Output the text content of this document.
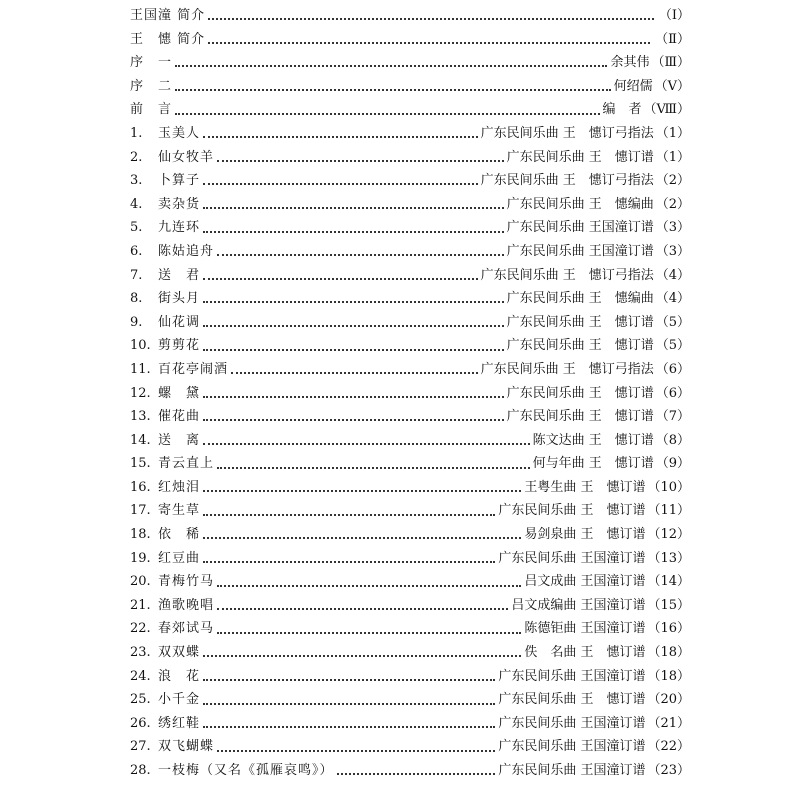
王国潼 简介	（Ⅰ）
王　憓 简介	（Ⅱ）
序　一	余其伟 （Ⅲ）
序　二	何绍儒 （Ⅴ）
前　言	编　者 （Ⅷ）
1.	玉美人	广东民间乐曲 王　憓订弓指法 （1）
2.	仙女牧羊	广东民间乐曲 王　憓订谱 （1）
3.	卜算子	广东民间乐曲 王　憓订弓指法 （2）
4.	卖杂货	广东民间乐曲 王　憓编曲 （2）
5.	九连环	广东民间乐曲 王国潼订谱 （3）
6.	陈姑追舟	广东民间乐曲 王国潼订谱 （3）
7.	送　君	广东民间乐曲 王　憓订弓指法 （4）
8.	街头月	广东民间乐曲 王　憓编曲 （4）
9.	仙花调	广东民间乐曲 王　憓订谱 （5）
10. 剪剪花	广东民间乐曲 王　憓订谱 （5）
11. 百花亭闹酒	广东民间乐曲 王　憓订弓指法 （6）
12. 螺　黛	广东民间乐曲 王　憓订谱 （6）
13. 催花曲	广东民间乐曲 王　憓订谱 （7）
14. 送　离	陈文达曲 王　憓订谱 （8）
15. 青云直上	何与年曲 王　憓订谱 （9）
16. 红烛泪	王粤生曲 王　憓订谱 （10）
17. 寄生草	广东民间乐曲 王　憓订谱 （11）
18. 依　稀	易剑泉曲 王　憓订谱 （12）
19. 红豆曲	广东民间乐曲 王国潼订谱 （13）
20. 青梅竹马	吕文成曲 王国潼订谱 （14）
21. 渔歌晚唱	吕文成编曲 王国潼订谱 （15）
22. 春郊试马	陈德钜曲 王国潼订谱 （16）
23. 双双蝶	佚　名曲 王　憓订谱 （18）
24. 浪　花	广东民间乐曲 王国潼订谱 （18）
25. 小千金	广东民间乐曲 王　憓订谱 （20）
26. 绣红鞋	广东民间乐曲 王国潼订谱 （21）
27. 双飞蝴蝶	广东民间乐曲 王国潼订谱 （22）
28. 一枝梅（又名《孤雁哀鸣》）	广东民间乐曲 王国潼订谱 （23）
